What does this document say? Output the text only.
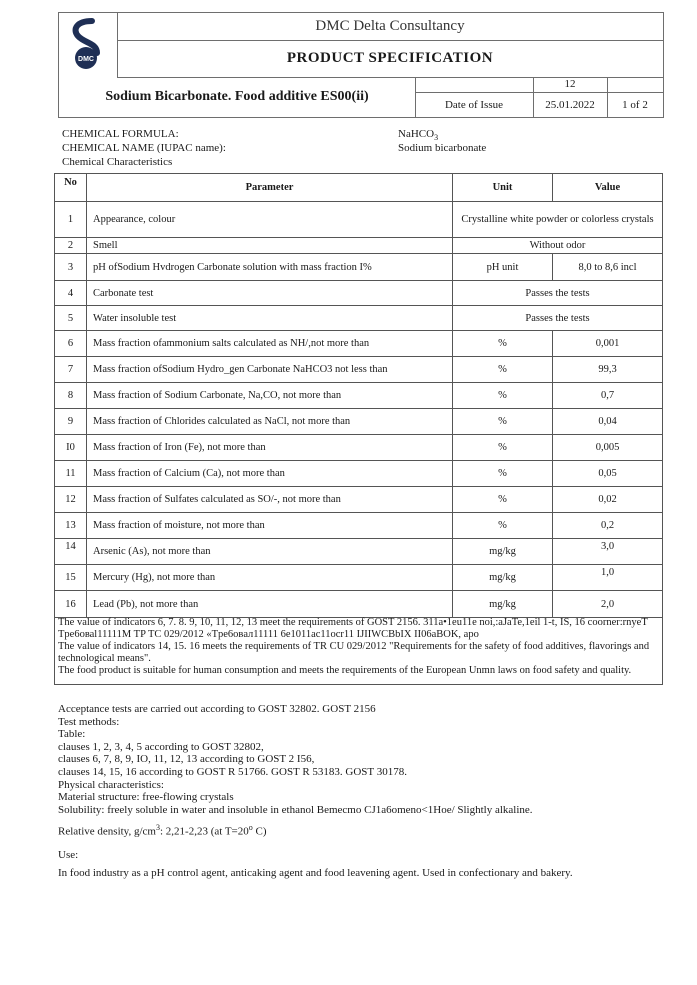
DMC
DMC Delta Consultancy
PRODUCT SPECIFICATION
Sodium Bicarbonate. Food additive ES00(ii)
12
Date of Issue	25.01.2022	1 of 2
CHEMICAL FORMULA:	NaHCO$_3$
CHEMICAL NAME (IUPAC name):	Sodium bicarbonate
Chemical Characteristics
No	Parameter	Unit	Value
1	Appearance, colour	Crystalline white powder or colorless crystals
2	Smell	Without odor
3	pH ofSodium Hvdrogen Carbonate solution with mass fraction I%	pH unit	8,0 to 8,6 incl
4	Carbonate test	Passes the tests
5	Water insoluble test	Passes the tests
6	Mass fraction ofammonium salts calculated as NH/,not more than	%	0,001
7	Mass fraction ofSodium Hydro_gen Carbonate NaHCO3 not less than	%	99,3
8	Mass fraction of Sodium Carbonate, Na,CO, not more than	%	0,7
9	Mass fraction of Chlorides calculated as NaCl, not more than	%	0,04
I0	Mass fraction of Iron (Fe), not more than	%	0,005
11	Mass fraction of Calcium (Ca), not more than	%	0,05
12	Mass fraction of Sulfates calculated as SO/-, not more than	%	0,02
13	Mass fraction of moisture, not more than	%	0,2
14	Arsenic (As), not more than	mg/kg	3,0
15	Mercury (Hg), not more than	mg/kg	1,0
16	Lead (Pb), not more than	mg/kg	2,0

The value of indicators 6, 7. 8. 9, 10, 11, 12, 13 meet the requirements of GOST 2156. 311a•1eu11e noi,:aJaTe,1eil 1-t, IS, 16 coorner:rnyeT Tpe6oваl11111M TP TC 029/2012 «Tpe6oвaл11111 6e1011ac11ocr11 IJIIWCBbIX II06aBOK, apo

The value of indicators 14, 15. 16 meets the requirements of TR CU 029/2012 "Requirements for the safety of food additives, flavorings and technological means".

The food product is suitable for human consumption and meets the requirements of the European Unmn laws on food safety and quality.

Acceptance tests are carried out according to GOST 32802. GOST 2156
Test methods:
Table:
clauses 1, 2, 3, 4, 5 according to GOST 32802,
clauses 6, 7, 8, 9, IO, 11, 12, 13 according to GOST 2 I56,
clauses 14, 15, 16 according to GOST R 51766. GOST R 53183. GOST 30178.
Physical characteristics:
Material structure: free-flowing crystals
Solubility: freely soluble in water and insoluble in ethanol Bemecmo CJ1a6omeno<1Hoe/ Slightly alkaline.
Relative density, $g/cm^3$: 2,21-2,23 (at $T=20^o$ C)
Use:
In food industry as a pH control agent, anticaking agent and food leavening agent. Used in confectionary and bakery.
